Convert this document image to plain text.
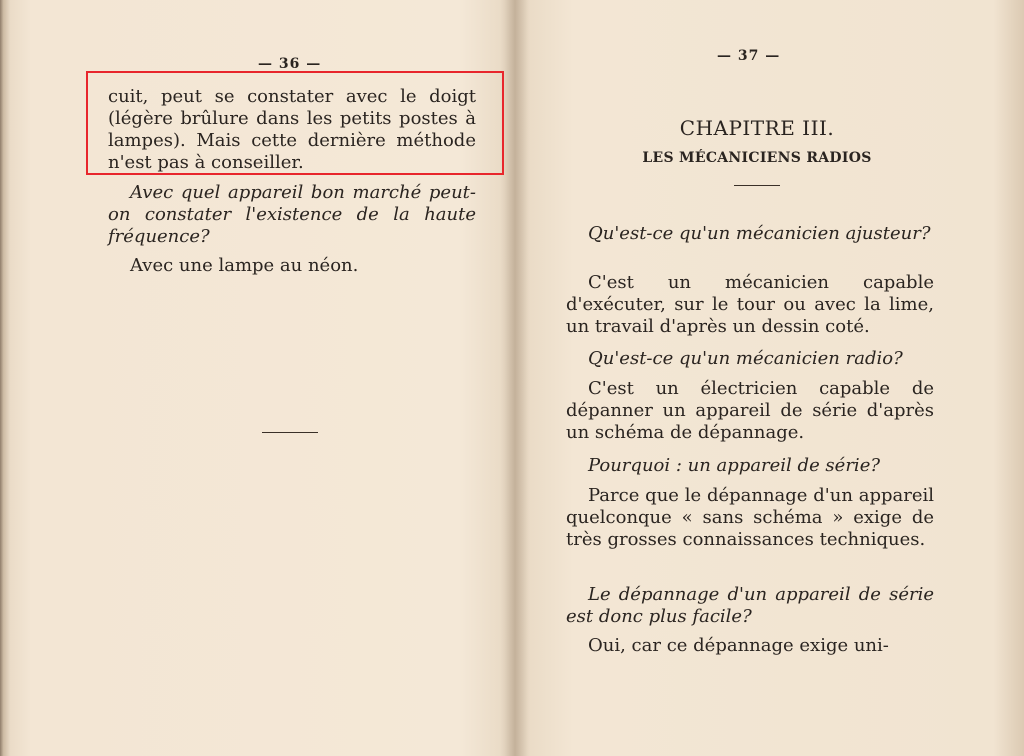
— 36 —
cuit, peut se constater avec le doigt (légère brûlure dans les petits postes à lampes). Mais cette dernière méthode n'est pas à conseiller.
Avec quel appareil bon marché peut-on constater l'existence de la haute fréquence?
Avec une lampe au néon.
— 37 —
CHAPITRE III.
LES MÉCANICIENS RADIOS
Qu'est-ce qu'un mécanicien ajusteur?
C'est un mécanicien capable d'exécuter, sur le tour ou avec la lime, un travail d'après un dessin coté.
Qu'est-ce qu'un mécanicien radio?
C'est un électricien capable de dépanner un appareil de série d'après un schéma de dépannage.
Pourquoi : un appareil de série?
Parce que le dépannage d'un appareil quelconque « sans schéma » exige de très grosses connaissances techniques.
Le dépannage d'un appareil de série est donc plus facile?
Oui, car ce dépannage exige uni-
